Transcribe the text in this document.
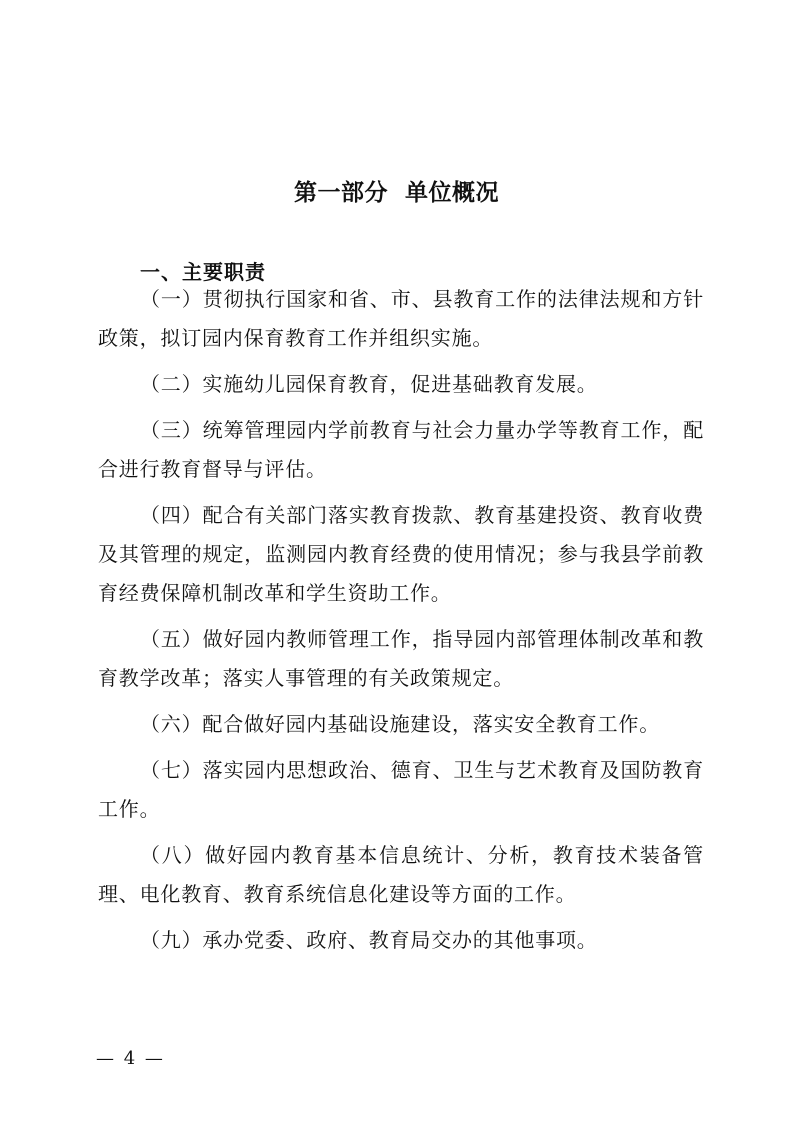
第一部分  单位概况
一、主要职责

（一）贯彻执行国家和省、市、县教育工作的法律法规和方针政策，拟订园内保育教育工作并组织实施。

（二）实施幼儿园保育教育，促进基础教育发展。

（三）统筹管理园内学前教育与社会力量办学等教育工作，配合进行教育督导与评估。

（四）配合有关部门落实教育拨款、教育基建投资、教育收费及其管理的规定，监测园内教育经费的使用情况；参与我县学前教育经费保障机制改革和学生资助工作。

（五）做好园内教师管理工作，指导园内部管理体制改革和教育教学改革；落实人事管理的有关政策规定。

（六）配合做好园内基础设施建设，落实安全教育工作。

（七）落实园内思想政治、德育、卫生与艺术教育及国防教育工作。

（八）做好园内教育基本信息统计、分析，教育技术装备管理、电化教育、教育系统信息化建设等方面的工作。

（九）承办党委、政府、教育局交办的其他事项。

— 4 —
